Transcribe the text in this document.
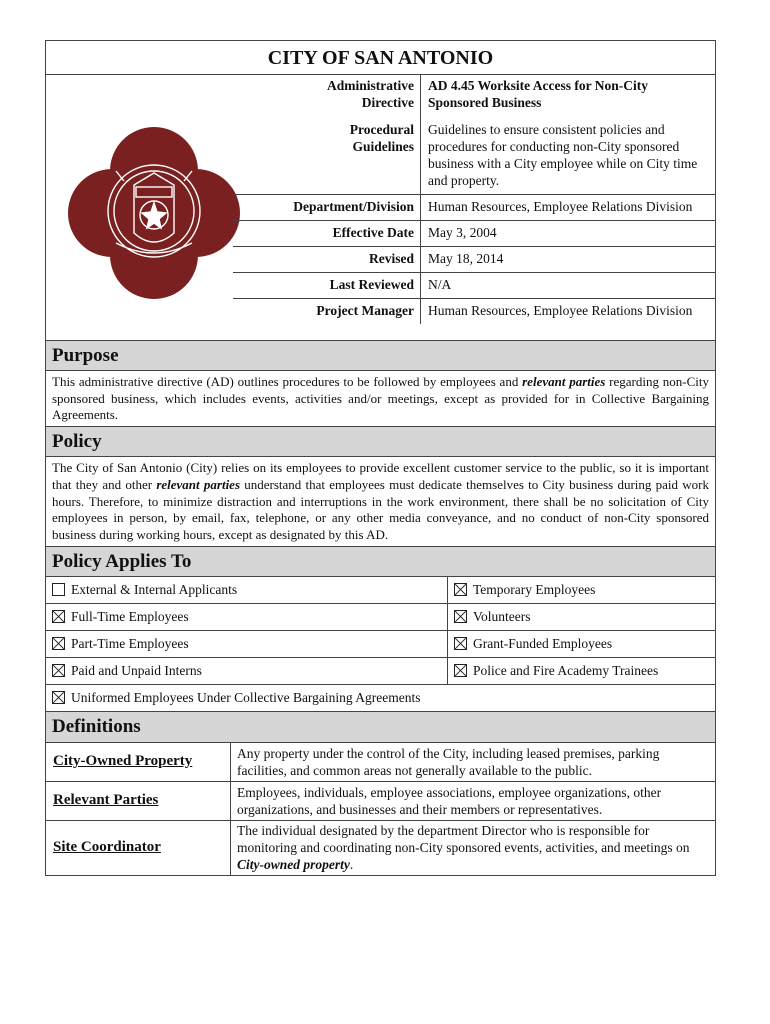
CITY OF SAN ANTONIO
Administrative
Directive	AD 4.45 Worksite Access for Non-City Sponsored Business
Procedural
Guidelines	Guidelines to ensure consistent policies and procedures for conducting non-City sponsored business with a City employee while on City time and property.
Department/Division	Human Resources, Employee Relations Division
Effective Date	May 3, 2004
Revised	May 18, 2014
Last Reviewed	N/A
Project Manager	Human Resources, Employee Relations Division
Purpose
This administrative directive (AD) outlines procedures to be followed by employees and relevant parties regarding non-City sponsored business, which includes events, activities and/or meetings, except as provided for in Collective Bargaining Agreements.
Policy
The City of San Antonio (City) relies on its employees to provide excellent customer service to the public, so it is important that they and other relevant parties understand that employees must dedicate themselves to City business during paid work hours. Therefore, to minimize distraction and interruptions in the work environment, there shall be no solicitation of City employees in person, by email, fax, telephone, or any other media conveyance, and no conduct of non-City sponsored business during working hours, except as designated by this AD.
Policy Applies To
External & Internal Applicants	Temporary Employees
Full-Time Employees	Volunteers
Part-Time Employees	Grant-Funded Employees
Paid and Unpaid Interns	Police and Fire Academy Trainees
Uniformed Employees Under Collective Bargaining Agreements	
Definitions
City-Owned Property	Any property under the control of the City, including leased premises, parking facilities, and common areas not generally available to the public.
Relevant Parties	Employees, individuals, employee associations, employee organizations, other organizations, and businesses and their members or representatives.
Site Coordinator	The individual designated by the department Director who is responsible for monitoring and coordinating non-City sponsored events, activities, and meetings on City-owned property.
